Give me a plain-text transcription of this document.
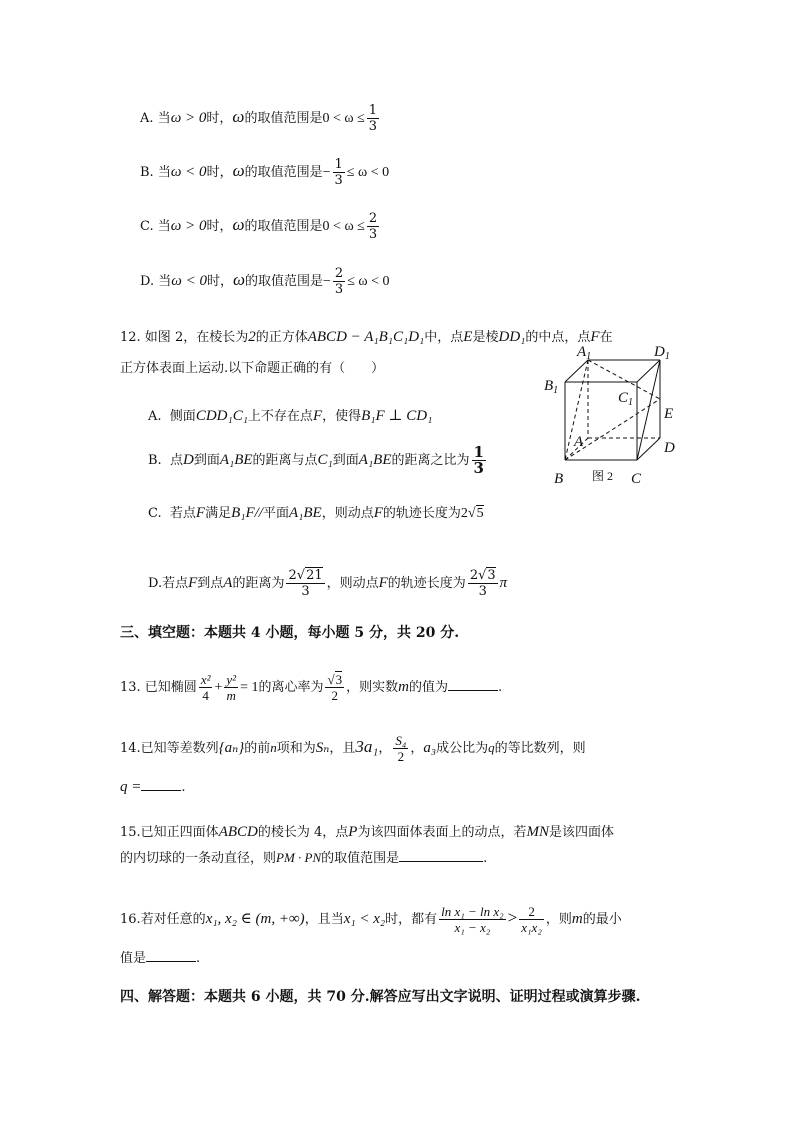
A. 当ω > 0时，ω的取值范围是$0 < \omega \le \frac{1}{3}$
B. 当ω < 0时，ω的取值范围是− $\frac{1}{3} \le \omega < 0$
C. 当ω > 0时，ω的取值范围是$0 < \omega \le \frac{2}{3}$
D. 当ω < 0时，ω的取值范围是− $\frac{2}{3} \le \omega < 0$
12. 如图 2，在棱长为2的正方体ABCD − A₁B₁C₁D₁中，点E是棱DD₁的中点，点F在
正方体表面上运动.以下命题正确的有（　　）
A. 侧面CDD₁C₁上不存在点F，使得B₁F ⊥ CD₁
B. 点D到面A₁BE的距离与点C₁到面A₁BE的距离之比为 $\frac{1}{3}$
C. 若点F满足B₁F//平面A₁BE，则动点F的轨迹长度为2√5
D.若点F到点A的距离为 $\frac{2√21}{3}$ ，则动点F的轨迹长度为 $\frac{2√3}{3}$ π
$A_1$	$D_1$
$B_1$	$C_1$
E
A	D
B	C
图 2
三、填空题：本题共 4 小题，每小题 5 分，共 20 分.
13. 已知椭圆 $\frac{\text{x²}}{4} + \frac{\text{y²}}{m} = 1$的离心率为 $\frac{√3}{2}$ ，则实数m的值为	.
14.已知等差数列{aₙ}的前n项和为Sₙ，且3a₁， $\frac{\text{S₄}}{2}$ ，a₃成公比为q的等比数列，则
q =	.
15.已知正四面体ABCD的棱长为 4，点P为该四面体表面上的动点，若MN是该四面体
的内切球的一条动直径，则PM · PN的取值范围是	.
16.若对任意的x₁, x₂ ∈ (m, +∞)，且当x₁ < x₂时，都有 $\frac{\text{ln x₁ − ln x₂}}{\text{x₁ − x₂}} > \frac{2}{\text{x₁x₂}}$ ，则m的最小
值是	.
四、解答题：本题共 6 小题，共 70 分.解答应写出文字说明、证明过程或演算步骤.
